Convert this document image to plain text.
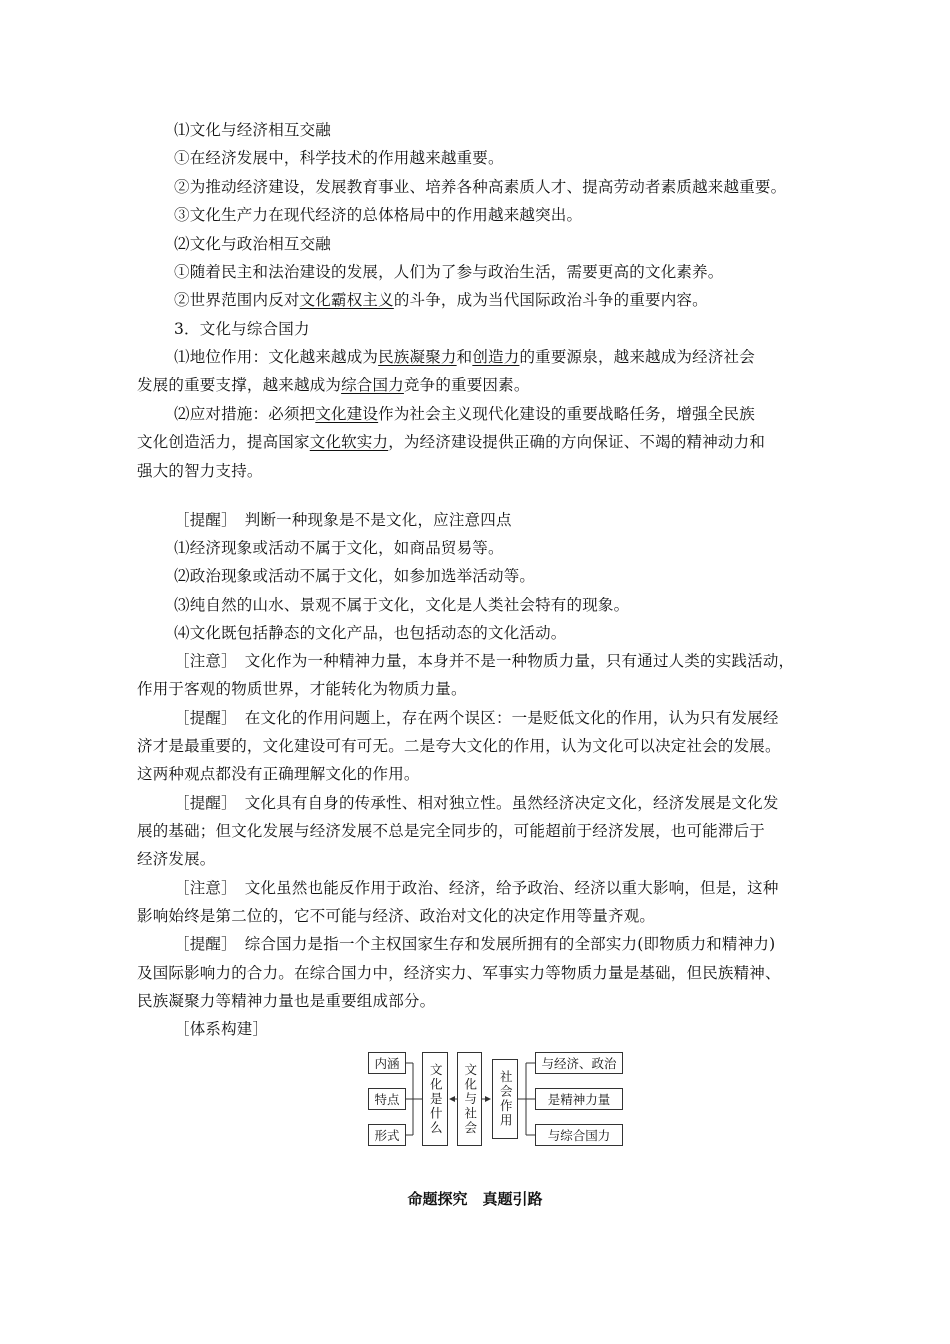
⑴文化与经济相互交融
①在经济发展中，科学技术的作用越来越重要。
②为推动经济建设，发展教育事业、培养各种高素质人才、提高劳动者素质越来越重要。
③文化生产力在现代经济的总体格局中的作用越来越突出。
⑵文化与政治相互交融
①随着民主和法治建设的发展，人们为了参与政治生活，需要更高的文化素养。
②世界范围内反对文化霸权主义的斗争，成为当代国际政治斗争的重要内容。
3．文化与综合国力
⑴地位作用：文化越来越成为民族凝聚力和创造力的重要源泉，越来越成为经济社会
发展的重要支撑，越来越成为综合国力竞争的重要因素。
⑵应对措施：必须把文化建设作为社会主义现代化建设的重要战略任务，增强全民族
文化创造活力，提高国家文化软实力，为经济建设提供正确的方向保证、不竭的精神动力和
强大的智力支持。
［提醒］　判断一种现象是不是文化，应注意四点
⑴经济现象或活动不属于文化，如商品贸易等。
⑵政治现象或活动不属于文化，如参加选举活动等。
⑶纯自然的山水、景观不属于文化，文化是人类社会特有的现象。
⑷文化既包括静态的文化产品，也包括动态的文化活动。
［注意］　文化作为一种精神力量，本身并不是一种物质力量，只有通过人类的实践活动，
作用于客观的物质世界，才能转化为物质力量。
［提醒］　在文化的作用问题上，存在两个误区：一是贬低文化的作用，认为只有发展经
济才是最重要的，文化建设可有可无。二是夸大文化的作用，认为文化可以决定社会的发展。
这两种观点都没有正确理解文化的作用。
［提醒］　文化具有自身的传承性、相对独立性。虽然经济决定文化，经济发展是文化发
展的基础；但文化发展与经济发展不总是完全同步的，可能超前于经济发展，也可能滞后于
经济发展。
［注意］　文化虽然也能反作用于政治、经济，给予政治、经济以重大影响，但是，这种
影响始终是第二位的，它不可能与经济、政治对文化的决定作用等量齐观。
［提醒］　综合国力是指一个主权国家生存和发展所拥有的全部实力(即物质力和精神力)
及国际影响力的合力。在综合国力中，经济实力、军事实力等物质力量是基础，但民族精神、
民族凝聚力等精神力量也是重要组成部分。
［体系构建］
内涵
特点
形式
文化是什么	文化与社会	社会作用
与经济、政治
是精神力量
与综合国力
命题探究　真题引路
